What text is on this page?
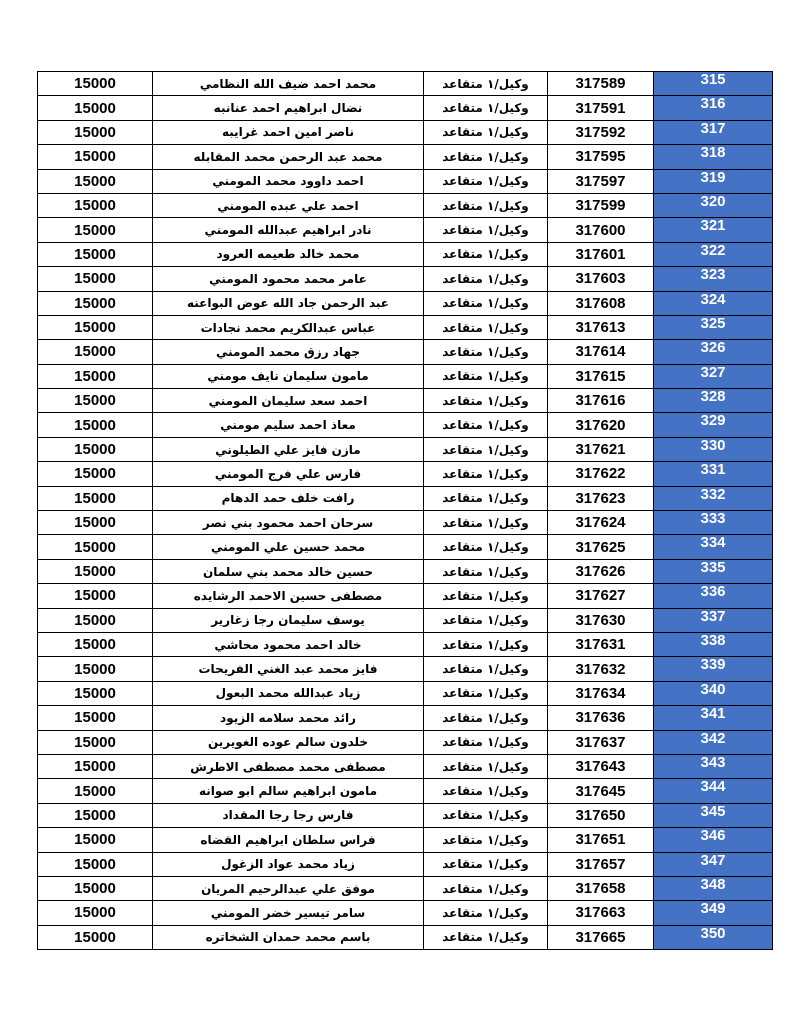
15000	محمد احمد ضيف الله النظامي	وكيل/١ متقاعد	317589	315
15000	نضال ابراهيم احمد عنانبه	وكيل/١ متقاعد	317591	316
15000	ناصر امين احمد غرايبه	وكيل/١ متقاعد	317592	317
15000	محمد عبد الرحمن محمد المقابله	وكيل/١ متقاعد	317595	318
15000	احمد داوود محمد المومني	وكيل/١ متقاعد	317597	319
15000	احمد علي عبده المومني	وكيل/١ متقاعد	317599	320
15000	نادر ابراهيم عبدالله المومني	وكيل/١ متقاعد	317600	321
15000	محمد خالد طعيمه العرود	وكيل/١ متقاعد	317601	322
15000	عامر محمد محمود المومني	وكيل/١ متقاعد	317603	323
15000	عبد الرحمن جاد الله عوض البواعنه	وكيل/١ متقاعد	317608	324
15000	عباس عبدالكريم محمد نجادات	وكيل/١ متقاعد	317613	325
15000	جهاد رزق محمد المومني	وكيل/١ متقاعد	317614	326
15000	مامون سليمان نايف مومني	وكيل/١ متقاعد	317615	327
15000	احمد سعد سليمان المومني	وكيل/١ متقاعد	317616	328
15000	معاذ احمد سليم مومني	وكيل/١ متقاعد	317620	329
15000	مازن فايز علي الطيلوني	وكيل/١ متقاعد	317621	330
15000	فارس علي فرج المومني	وكيل/١ متقاعد	317622	331
15000	رافت خلف حمد الدهام	وكيل/١ متقاعد	317623	332
15000	سرحان احمد محمود بني نصر	وكيل/١ متقاعد	317624	333
15000	محمد حسين علي المومني	وكيل/١ متقاعد	317625	334
15000	حسين خالد محمد بني سلمان	وكيل/١ متقاعد	317626	335
15000	مصطفى حسين الاحمد الرشايده	وكيل/١ متقاعد	317627	336
15000	يوسف سليمان رجا زغارير	وكيل/١ متقاعد	317630	337
15000	خالد احمد محمود محاشي	وكيل/١ متقاعد	317631	338
15000	فايز محمد عبد الغني الفريحات	وكيل/١ متقاعد	317632	339
15000	زياد عبدالله محمد البعول	وكيل/١ متقاعد	317634	340
15000	رائد محمد سلامه الزيود	وكيل/١ متقاعد	317636	341
15000	خلدون سالم عوده الغويرين	وكيل/١ متقاعد	317637	342
15000	مصطفى محمد مصطفى الاطرش	وكيل/١ متقاعد	317643	343
15000	مامون ابراهيم سالم ابو صوانه	وكيل/١ متقاعد	317645	344
15000	فارس رجا رجا المقداد	وكيل/١ متقاعد	317650	345
15000	فراس سلطان ابراهيم القضاه	وكيل/١ متقاعد	317651	346
15000	زياد محمد عواد الزغول	وكيل/١ متقاعد	317657	347
15000	موفق علي عبدالرحيم المريان	وكيل/١ متقاعد	317658	348
15000	سامر تيسير خضر المومني	وكيل/١ متقاعد	317663	349
15000	باسم محمد حمدان الشخاتره	وكيل/١ متقاعد	317665	350
